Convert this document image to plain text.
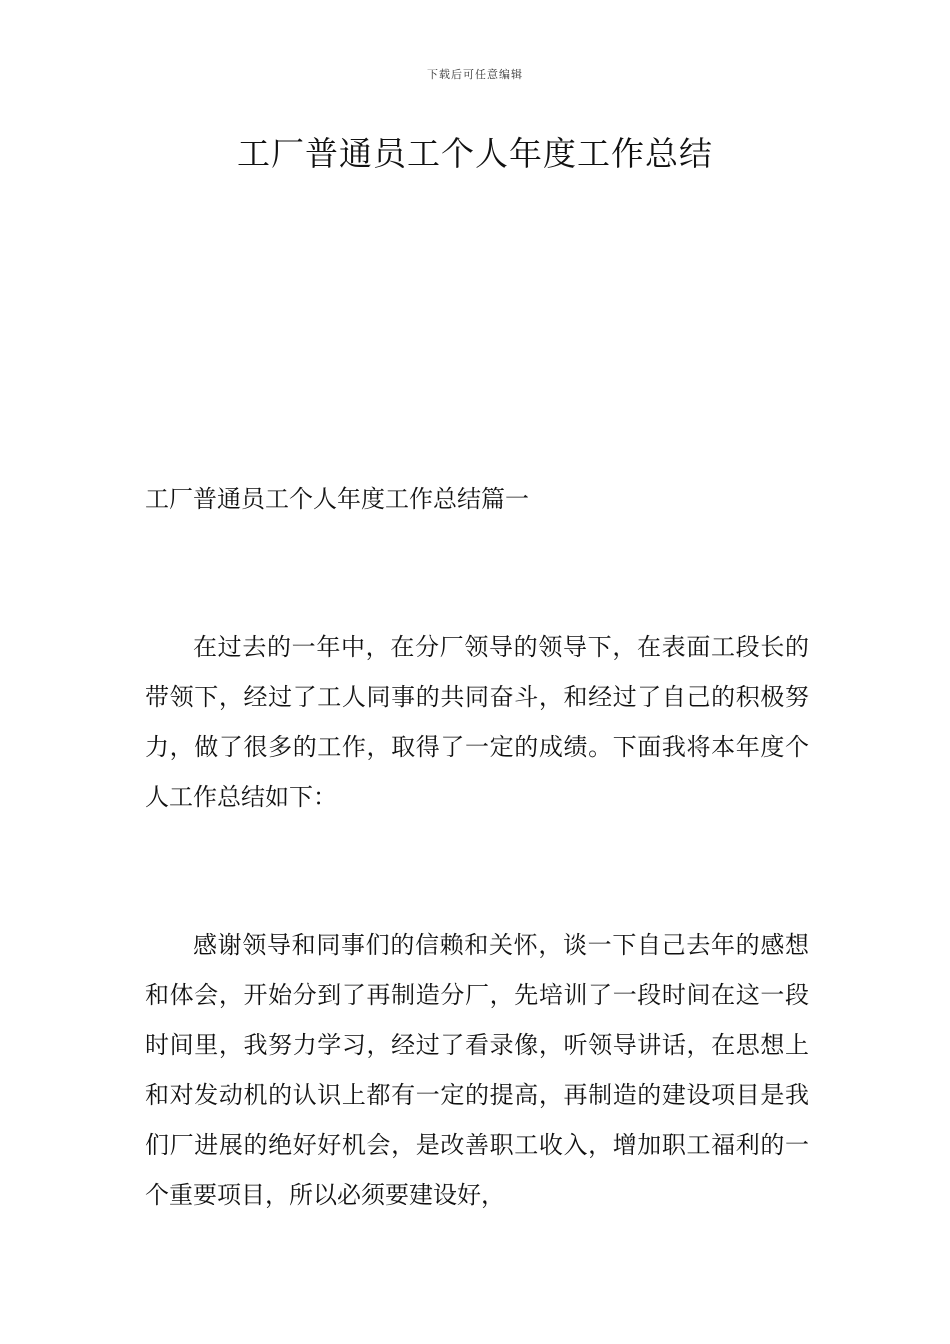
下载后可任意编辑
工厂普通员工个人年度工作总结
工厂普通员工个人年度工作总结篇一

在过去的一年中，在分厂领导的领导下，在表面工段长的带领下，经过了工人同事的共同奋斗，和经过了自己的积极努力，做了很多的工作，取得了一定的成绩。下面我将本年度个人工作总结如下：

感谢领导和同事们的信赖和关怀，谈一下自己去年的感想和体会，开始分到了再制造分厂，先培训了一段时间在这一段时间里，我努力学习，经过了看录像，听领导讲话，在思想上和对发动机的认识上都有一定的提高，再制造的建设项目是我们厂进展的绝好好机会，是改善职工收入，增加职工福利的一个重要项目，所以必须要建设好，
